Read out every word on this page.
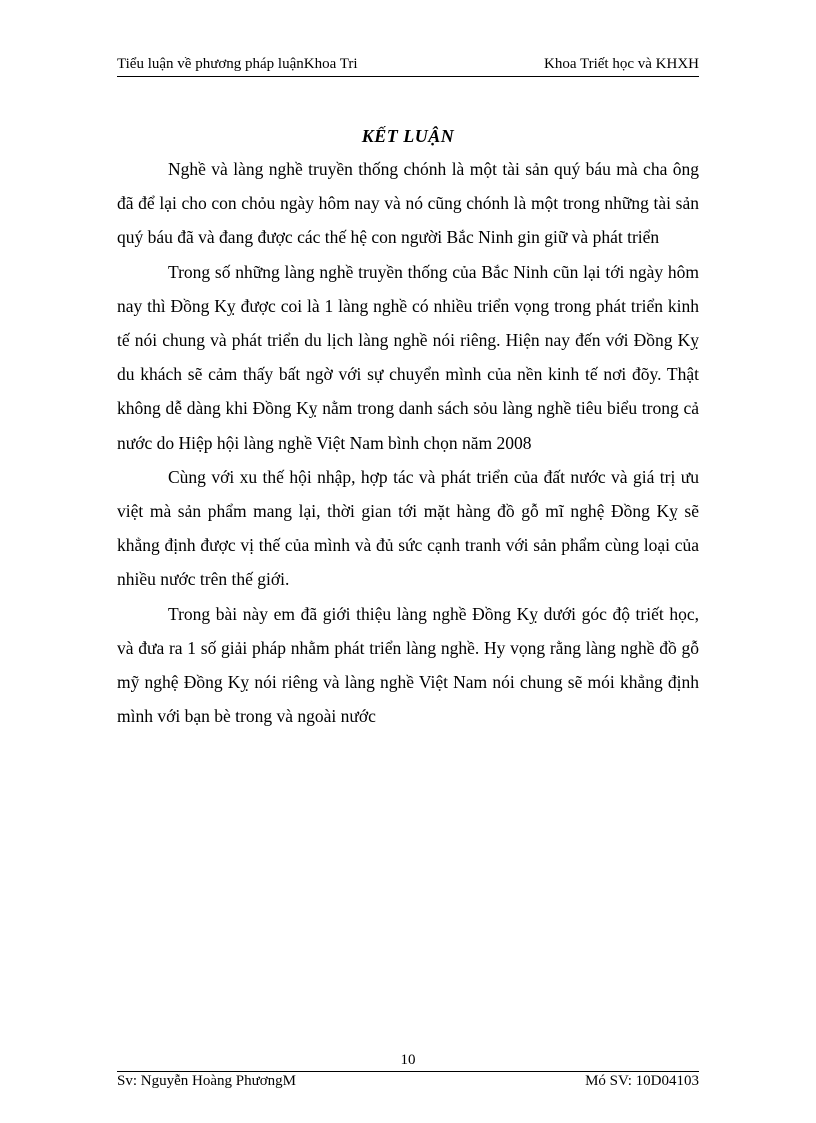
Tiểu luận về phương pháp luậnKhoa Tri	Khoa Triết học và KHXH
KẾT LUẬN

Nghề và làng nghề truyền thống chónh là một tài sản quý báu mà cha ông đã để lại cho con chỏu ngày hôm nay và nó cũng chónh là một trong những tài sản quý báu đã và đang được các thế hệ con người Bắc Ninh gin giữ và phát triển

Trong số những làng nghề truyền thống của Bắc Ninh cũn lại tới ngày hôm nay thì Đồng Kỵ được coi là 1 làng nghề có nhiều triển vọng trong phát triển kinh tế nói chung và phát triển du lịch làng nghề nói riêng. Hiện nay đến với Đồng Kỵ du khách sẽ cảm thấy bất ngờ với sự chuyển mình của nền kinh tế nơi đõy. Thật không dễ dàng khi Đồng Kỵ nằm trong danh sách sỏu làng nghề tiêu biểu trong cả nước do Hiệp hội làng nghề Việt Nam bình chọn năm 2008

Cùng với xu thế hội nhập, hợp tác và phát triển của đất nước và giá trị ưu việt mà sản phẩm mang lại, thời gian tới mặt hàng đồ gỗ mĩ nghệ Đồng Kỵ sẽ khẳng định được vị thế của mình và đủ sức cạnh tranh với sản phẩm cùng loại của nhiều nước trên thế giới.

Trong bài này em đã giới thiệu làng nghề Đồng Kỵ dưới góc độ triết học, và đưa ra 1 số giải pháp nhằm phát triển làng nghề. Hy vọng rằng làng nghề đồ gỗ mỹ nghệ Đồng Kỵ nói riêng và làng nghề Việt Nam nói chung sẽ mói khẳng định mình với bạn bè trong và ngoài nước

10
Sv: Nguyễn Hoàng PhươngM	Mó SV: 10D04103
